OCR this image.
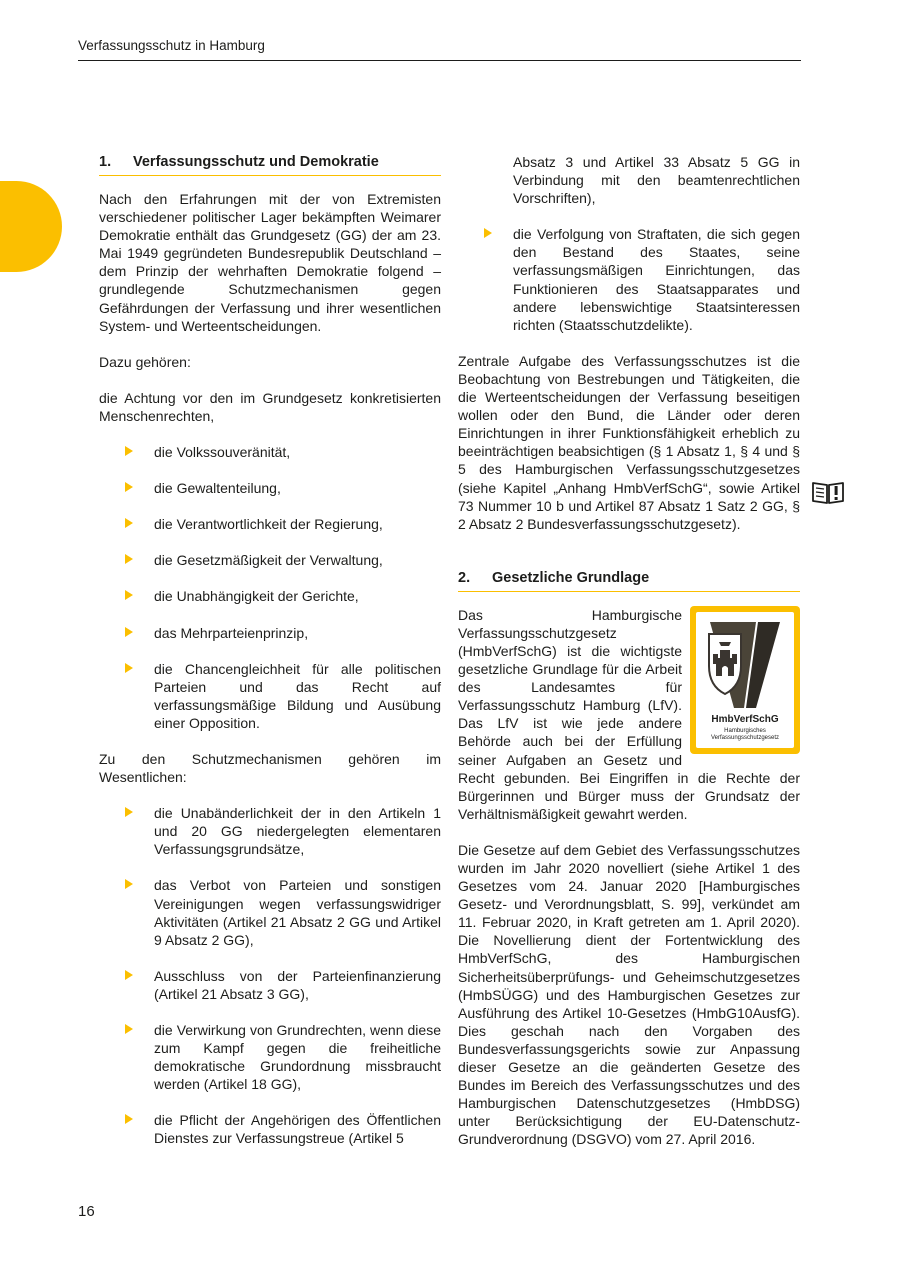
Verfassungsschutz in Hamburg
1.	Verfassungsschutz und Demokratie

Nach den Erfahrungen mit der von Extremisten verschiedener politischer Lager bekämpften Weimarer Demokratie enthält das Grundgesetz (GG) der am 23. Mai 1949 gegründeten Bundesrepublik Deutschland – dem Prinzip der wehrhaften Demokratie folgend – grundlegende Schutzmechanismen gegen Gefährdungen der Verfassung und ihrer wesentlichen System- und Werteentscheidungen.

Dazu gehören:

die Achtung vor den im Grundgesetz konkretisierten Menschenrechten,

die Volkssouveränität,
die Gewaltenteilung,
die Verantwortlichkeit der Regierung,
die Gesetzmäßigkeit der Verwaltung,
die Unabhängigkeit der Gerichte,
das Mehrparteienprinzip,
die Chancengleichheit für alle politischen Parteien und das Recht auf verfassungsmäßige Bildung und Ausübung einer Opposition.

Zu den Schutzmechanismen gehören im Wesentlichen:

die Unabänderlichkeit der in den Artikeln 1 und 20 GG niedergelegten elementaren Verfassungsgrundsätze,
das Verbot von Parteien und sonstigen Vereinigungen wegen verfassungswidriger Aktivitäten (Artikel 21 Absatz 2 GG und Artikel 9 Absatz 2 GG),
Ausschluss von der Parteienfinanzierung (Artikel 21 Absatz 3 GG),
die Verwirkung von Grundrechten, wenn diese zum Kampf gegen die freiheitliche demokratische Grundordnung missbraucht werden (Artikel 18 GG),
die Pflicht der Angehörigen des Öffentlichen Dienstes zur Verfassungstreue (Artikel 5
Absatz 3 und Artikel 33 Absatz 5 GG in Verbindung mit den beamtenrechtlichen Vorschriften),
die Verfolgung von Straftaten, die sich gegen den Bestand des Staates, seine verfassungsmäßigen Einrichtungen, das Funktionieren des Staatsapparates und andere lebenswichtige Staatsinteressen richten (Staatsschutzdelikte).

Zentrale Aufgabe des Verfassungsschutzes ist die Beobachtung von Bestrebungen und Tätigkeiten, die die Werteentscheidungen der Verfassung beseitigen wollen oder den Bund, die Länder oder deren Einrichtungen in ihrer Funktionsfähigkeit erheblich zu beeinträchtigen beabsichtigen (§ 1 Absatz 1, § 4 und § 5 des Hamburgischen Verfassungsschutzgesetzes (siehe Kapitel „Anhang HmbVerfSchG“, sowie Artikel 73 Nummer 10 b und Artikel 87 Absatz 1 Satz 2 GG, § 2 Absatz 2 Bundesverfassungsschutzgesetz).

2.	Gesetzliche Grundlage
HmbVerfSchG
Hamburgisches
Verfassungsschutzgesetz

Das Hamburgische Verfassungsschutzgesetz (HmbVerfSchG) ist die wichtigste gesetzliche Grundlage für die Arbeit des Landesamtes für Verfassungsschutz Hamburg (LfV). Das LfV ist wie jede andere Behörde auch bei der Erfüllung seiner Aufgaben an Gesetz und Recht gebunden. Bei Eingriffen in die Rechte der Bürgerinnen und Bürger muss der Grundsatz der Verhältnismäßigkeit gewahrt werden.

Die Gesetze auf dem Gebiet des Verfassungsschutzes wurden im Jahr 2020 novelliert (siehe Artikel 1 des Gesetzes vom 24. Januar 2020 [Hamburgisches Gesetz- und Verordnungsblatt, S. 99], verkündet am 11. Februar 2020, in Kraft getreten am 1. April 2020). Die Novellierung dient der Fortentwicklung des HmbVerfSchG, des Hamburgischen Sicherheitsüberprüfungs- und Geheimschutzgesetzes (HmbSÜGG) und des Hamburgischen Gesetzes zur Ausführung des Artikel 10-Gesetzes (HmbG10AusfG). Dies geschah nach den Vorgaben des Bundesverfassungsgerichts sowie zur Anpassung dieser Gesetze an die geänderten Gesetze des Bundes im Bereich des Verfassungsschutzes und des Hamburgischen Datenschutzgesetzes (HmbDSG) unter Berücksichtigung der EU-Datenschutz-Grundverordnung (DSGVO) vom 27. April 2016.

16
